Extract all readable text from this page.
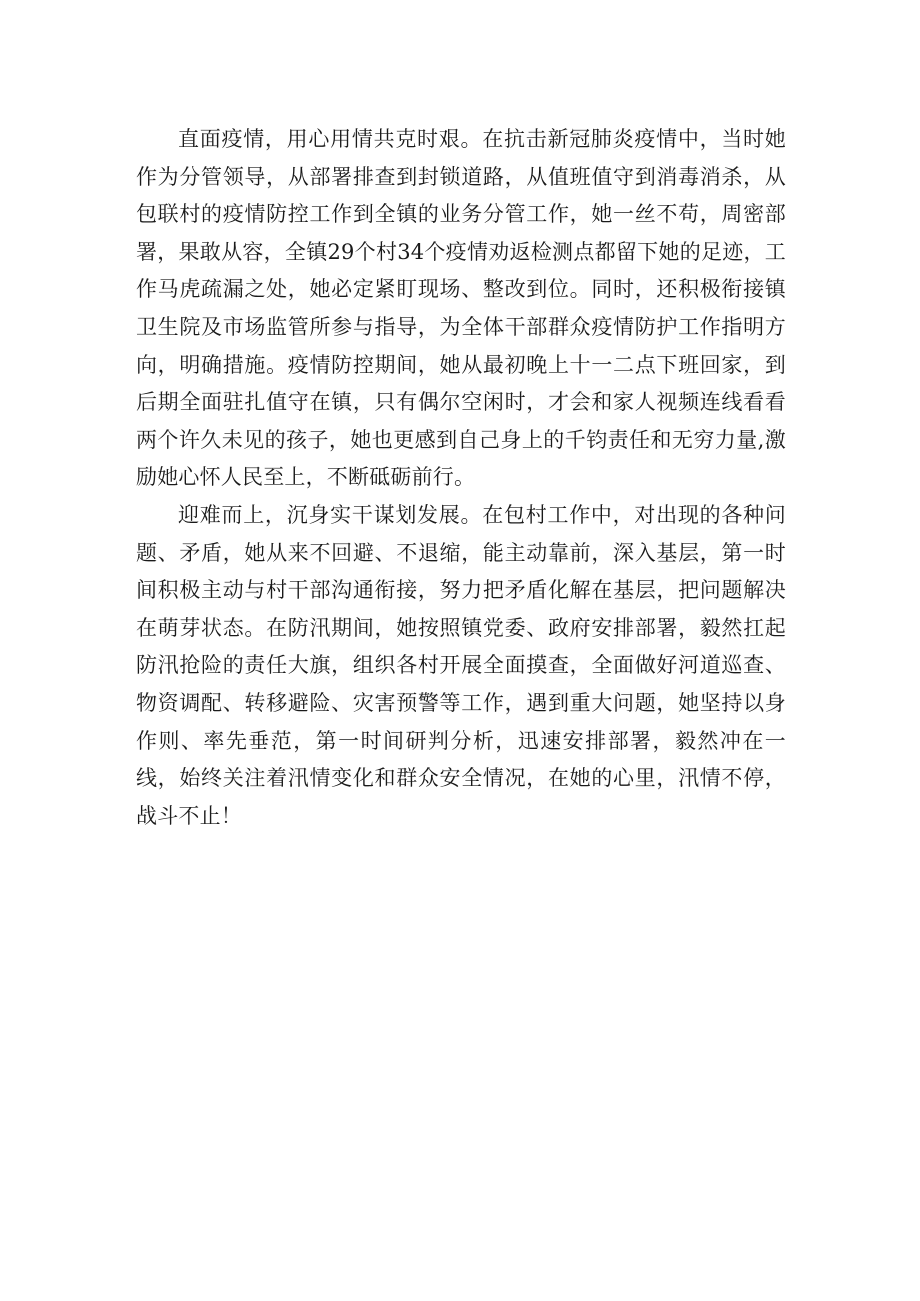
直面疫情，用心用情共克时艰。在抗击新冠肺炎疫情中，当时她作为分管领导，从部署排查到封锁道路，从值班值守到消毒消杀，从包联村的疫情防控工作到全镇的业务分管工作，她一丝不苟，周密部署，果敢从容，全镇29个村34个疫情劝返检测点都留下她的足迹，工作马虎疏漏之处，她必定紧盯现场、整改到位。同时，还积极衔接镇卫生院及市场监管所参与指导，为全体干部群众疫情防护工作指明方向，明确措施。疫情防控期间，她从最初晚上十一二点下班回家，到后期全面驻扎值守在镇，只有偶尔空闲时，才会和家人视频连线看看两个许久未见的孩子，她也更感到自己身上的千钧责任和无穷力量,激励她心怀人民至上，不断砥砺前行。

迎难而上，沉身实干谋划发展。在包村工作中，对出现的各种问题、矛盾，她从来不回避、不退缩，能主动靠前，深入基层，第一时间积极主动与村干部沟通衔接，努力把矛盾化解在基层，把问题解决在萌芽状态。在防汛期间，她按照镇党委、政府安排部署，毅然扛起防汛抢险的责任大旗，组织各村开展全面摸查，全面做好河道巡查、物资调配、转移避险、灾害预警等工作，遇到重大问题，她坚持以身作则、率先垂范，第一时间研判分析，迅速安排部署，毅然冲在一线，始终关注着汛情变化和群众安全情况，在她的心里，汛情不停，战斗不止！
